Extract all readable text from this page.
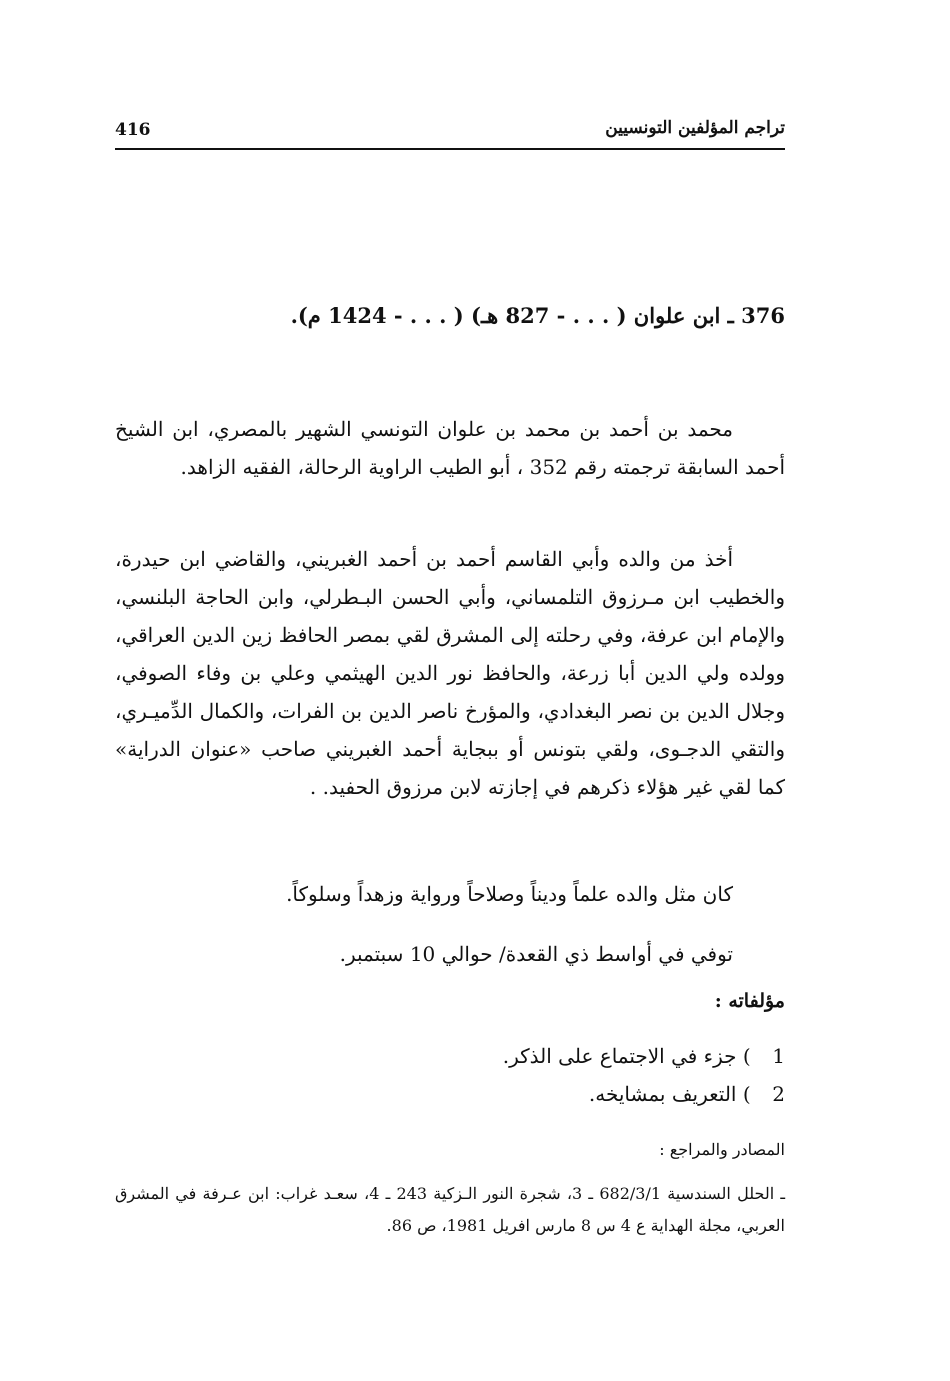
416	تراجم المؤلفين التونسيين
376 ـ ابن علوان ( . . . - 827 هـ) ( . . . - 1424 م).

محمد بن أحمد بن محمد بن علوان التونسي الشهير بالمصري، ابن الشيخ أحمد السابقة ترجمته رقم 352 ، أبو الطيب الراوية الرحالة، الفقيه الزاهد.

أخذ من والده وأبي القاسم أحمد بن أحمد الغبريني، والقاضي ابن حيدرة، والخطيب ابن مـرزوق التلمساني، وأبي الحسن البـطرلي، وابن الحاجة البلنسي، والإمام ابن عرفة، وفي رحلته إلى المشرق لقي بمصر الحافظ زين الدين العراقي، وولده ولي الدين أبا زرعة، والحافظ نور الدين الهيثمي وعلي بن وفاء الصوفي، وجلال الدين بن نصر البغدادي، والمؤرخ ناصر الدين بن الفرات، والكمال الدِّميـري، والتقي الدجـوى، ولقي بتونس أو ببجاية أحمد الغبريني صاحب «عنوان الدراية» كما لقي غير هؤلاء ذكرهم في إجازته لابن مرزوق الحفيد. .

كان مثل والده علماً وديناً وصلاحاً ورواية وزهداً وسلوكاً.

توفي في أواسط ذي القعدة/ حوالي 10 سبتمبر.

مؤلفاته :
1 ) جزء في الاجتماع على الذكر.
2 ) التعريف بمشايخه.
المصادر والمراجع :

ـ الحلل السندسية 682/3/1 ـ 3، شجرة النور الـزكية 243 ـ 4، سعـد غراب: ابن عـرفة في المشرق العربي، مجلة الهداية ع 4 س 8 مارس افريل 1981، ص 86.
